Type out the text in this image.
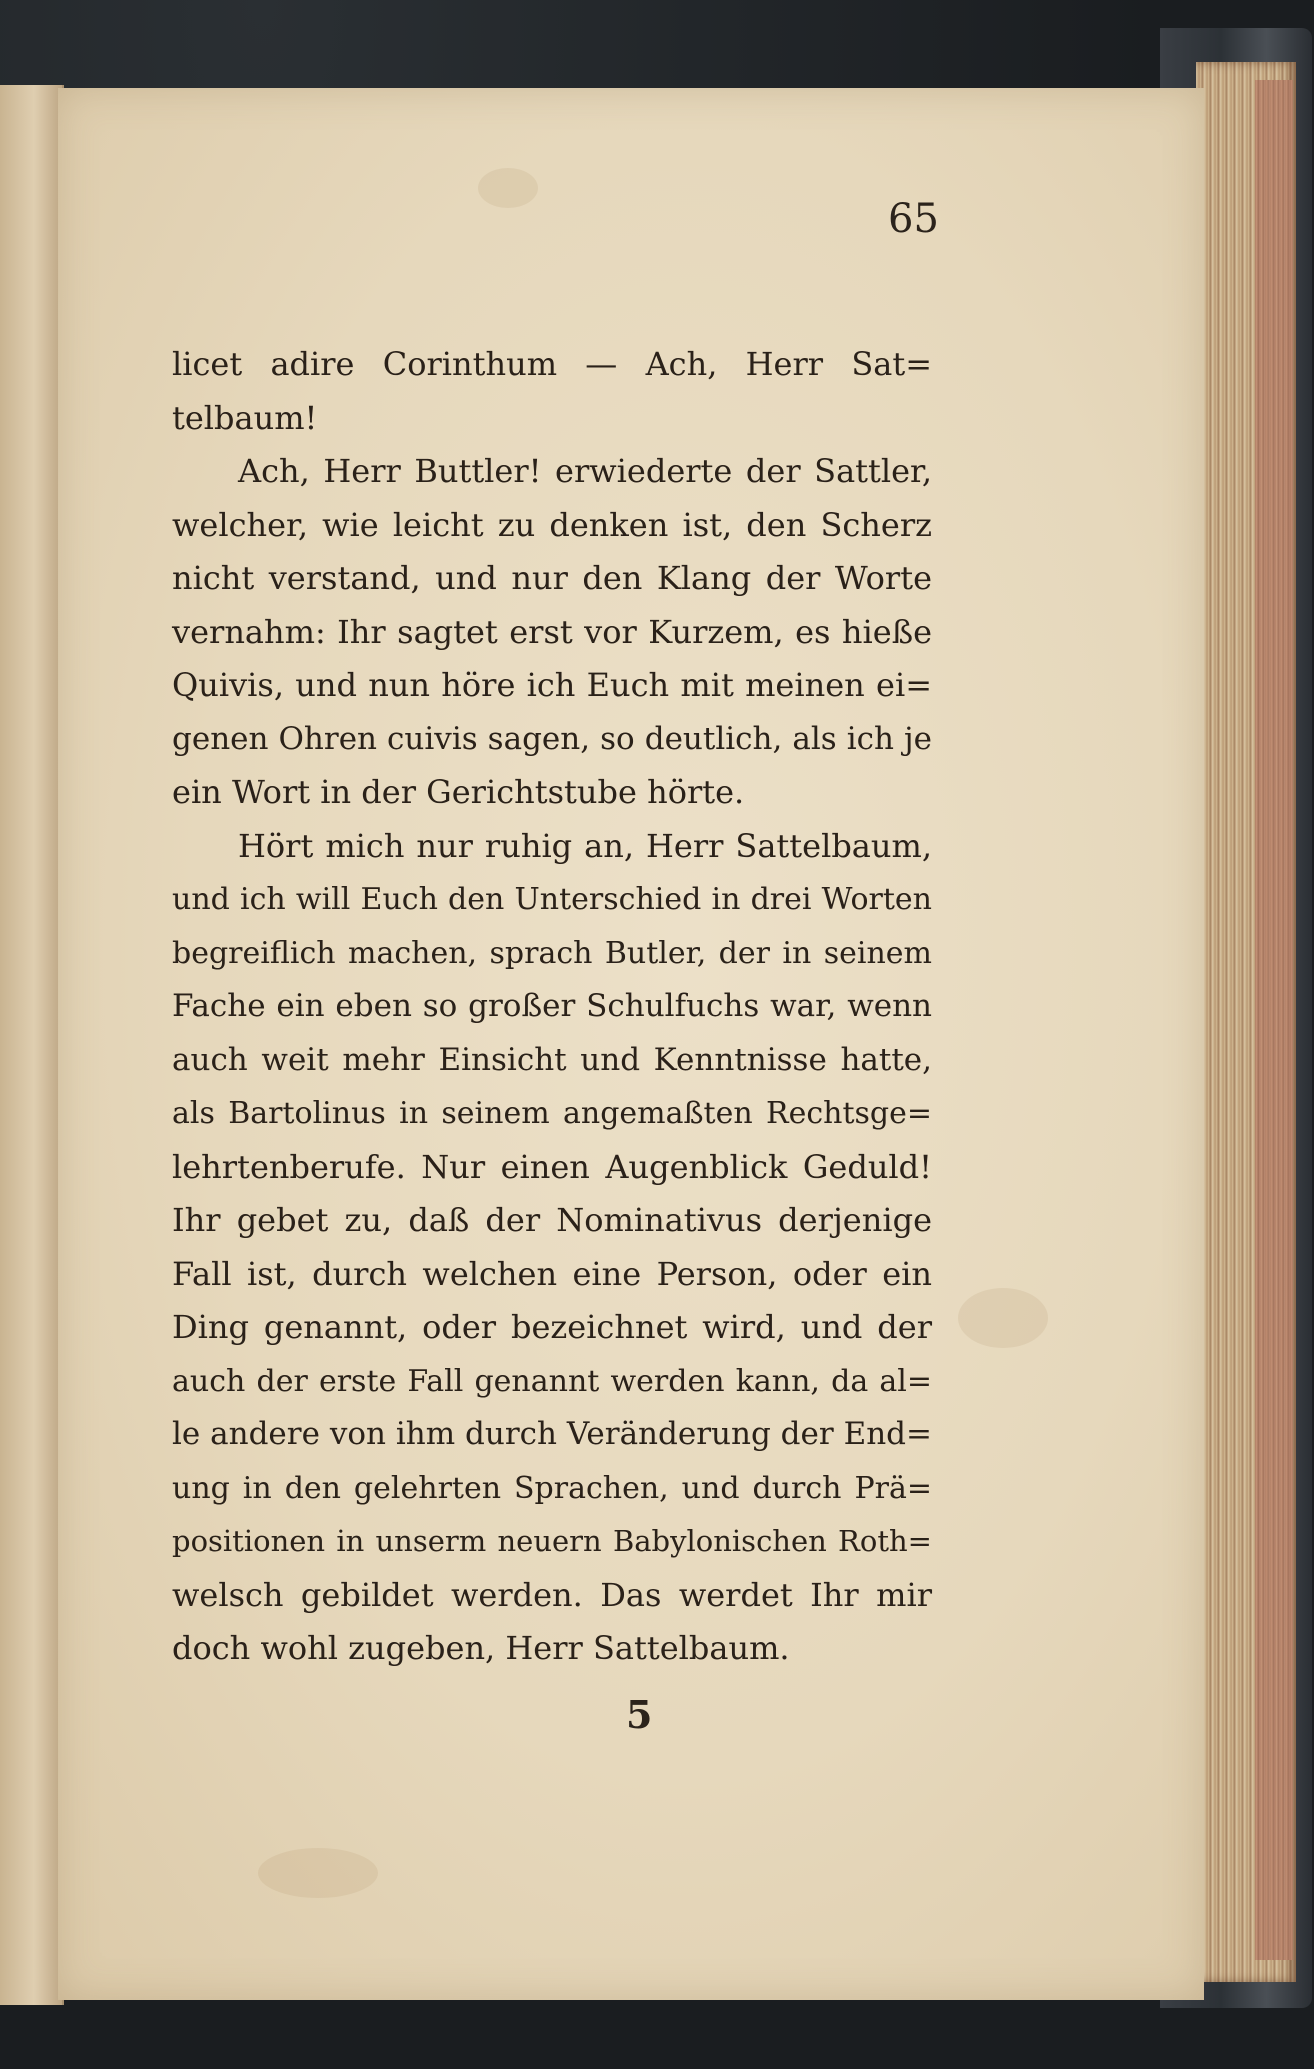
65
licet adire Corinthum — Ach, Herr Sat=
telbaum!
Ach, Herr Buttler! erwiederte der Sattler,
welcher, wie leicht zu denken ist, den Scherz
nicht verstand, und nur den Klang der Worte
vernahm: Ihr sagtet erst vor Kurzem, es hieße
Quivis, und nun höre ich Euch mit meinen ei=
genen Ohren cuivis sagen, so deutlich, als ich je
ein Wort in der Gerichtstube hörte.
Hört mich nur ruhig an, Herr Sattelbaum,
und ich will Euch den Unterschied in drei Worten
begreiflich machen, sprach Butler, der in seinem
Fache ein eben so großer Schulfuchs war, wenn
auch weit mehr Einsicht und Kenntnisse hatte,
als Bartolinus in seinem angemaßten Rechtsge=
lehrtenberufe. Nur einen Augenblick Geduld!
Ihr gebet zu, daß der Nominativus derjenige
Fall ist, durch welchen eine Person, oder ein
Ding genannt, oder bezeichnet wird, und der
auch der erste Fall genannt werden kann, da al=
le andere von ihm durch Veränderung der End=
ung in den gelehrten Sprachen, und durch Prä=
positionen in unserm neuern Babylonischen Roth=
welsch gebildet werden. Das werdet Ihr mir
doch wohl zugeben, Herr Sattelbaum.
5
